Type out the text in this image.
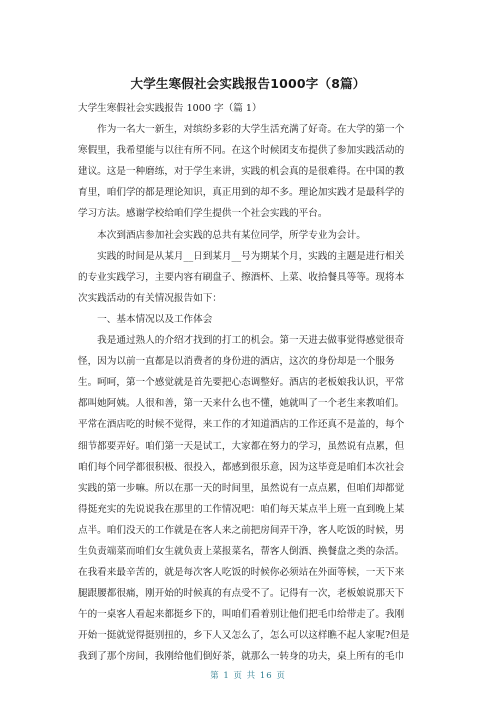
大学生寒假社会实践报告1000字（8篇）
大学生寒假社会实践报告 1000 字（篇 1）
　　作为一名大一新生，对缤纷多彩的大学生活充满了好奇。在大学的第一个
寒假里，我希望能与以往有所不同。在这个时候团支布提供了参加实践活动的
建议。这是一种磨练，对于学生来讲，实践的机会真的是很难得。在中国的教
育里，咱们学的都是理论知识，真正用到的却不多。理论加实践才是最科学的
学习方法。感谢学校给咱们学生提供一个社会实践的平台。
　　本次到酒店参加社会实践的总共有某位同学，所学专业为会计。
　　实践的时间是从某月__日到某月__号为期某个月，实践的主题是进行相关
的专业实践学习，主要内容有刷盘子、擦酒杯、上菜、收拾餐具等等。现将本
次实践活动的有关情况报告如下：
　　一、基本情况以及工作体会
　　我是通过熟人的介绍才找到的打工的机会。第一天进去做事觉得感觉很奇
怪，因为以前一直都是以消费者的身份进的酒店，这次的身份却是一个服务
生。呵呵，第一个感觉就是首先要把心态调整好。酒店的老板娘我认识，平常
都叫她阿姨。人很和善，第一天来什么也不懂，她就叫了一个老生来教咱们。
平常在酒店吃的时候不觉得，来工作的才知道酒店的工作还真不是盖的，每个
细节都要弄好。咱们第一天是试工，大家都在努力的学习，虽然说有点累，但
咱们每个同学都很积极、很投入，都感到很乐意，因为这毕竟是咱们本次社会
实践的第一步嘛。所以在那一天的时间里，虽然说有一点点累，但咱们却都觉
得挺充实的先说说我在那里的工作情况吧：咱们每天某点半上班一直到晚上某
点半。咱们没天的工作就是在客人来之前把房间弄干净，客人吃饭的时候，男
生负责端菜而咱们女生就负责上菜报菜名，帮客人倒酒、换餐盘之类的杂活。
在我看来最辛苦的，就是每次客人吃饭的时候你必须站在外面等候，一天下来
腿跟腰都很痛，刚开始的时候真的有点受不了。记得有一次，老板娘说那天下
午的一桌客人看起来都挺乡下的，叫咱们看着别让他们把毛巾给带走了。我刚
开始一挺就觉得挺别扭的，乡下人又怎么了，怎么可以这样瞧不起人家呢?但是
我到了那个房间，我刚给他们倒好茶，就那么一转身的功夫，桌上所有的毛巾
第 1 页 共 16 页
